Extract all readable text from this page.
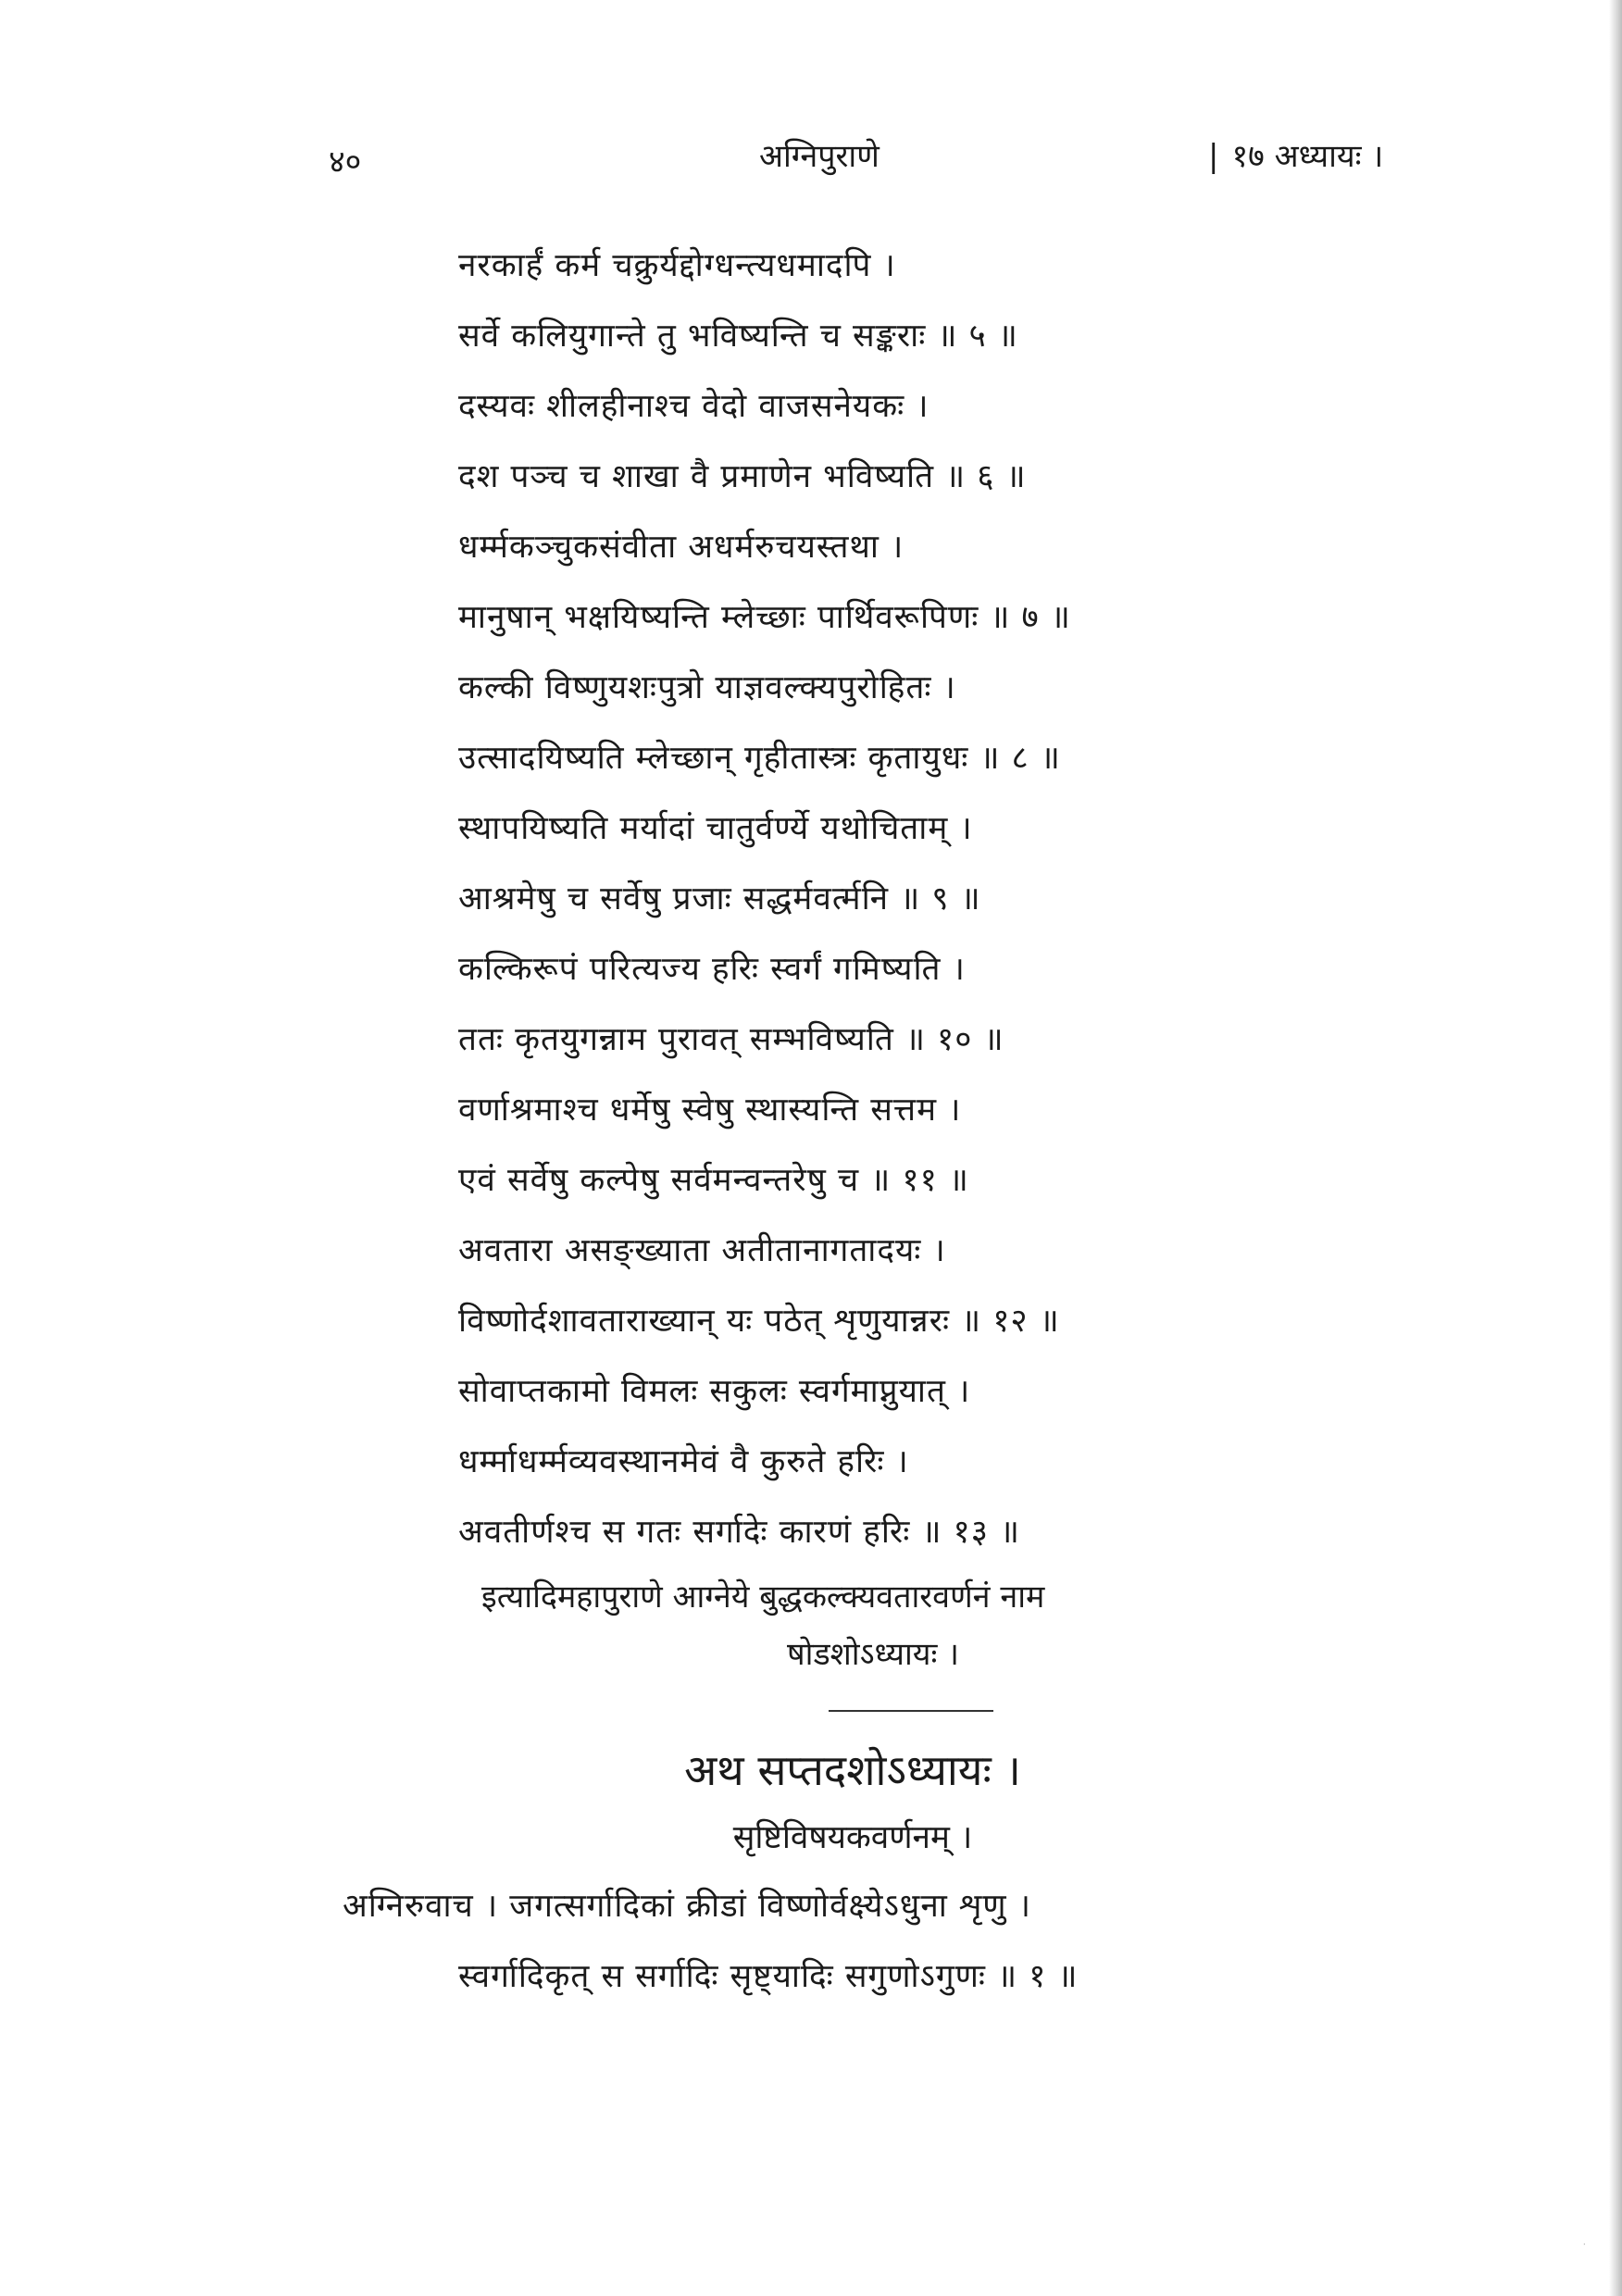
४०	अग्निपुराणे	| १७ अध्यायः ।
नरकार्हं कर्म चक्रुर्यद्दोग्धन्त्यधमादपि ।
सर्वे कलियुगान्ते तु भविष्यन्ति च सङ्कराः ॥ ५ ॥
दस्यवः शीलहीनाश्च वेदो वाजसनेयकः ।
दश पञ्च च शाखा वै प्रमाणेन भविष्यति ॥ ६ ॥
धर्म्मकञ्चुकसंवीता अधर्मरुचयस्तथा ।
मानुषान् भक्षयिष्यन्ति म्लेच्छाः पार्थिवरूपिणः ॥ ७ ॥
कल्की विष्णुयशःपुत्रो याज्ञवल्क्यपुरोहितः ।
उत्सादयिष्यति म्लेच्छान् गृहीतास्त्रः कृतायुधः ॥ ८ ॥
स्थापयिष्यति मर्यादां चातुर्वर्ण्ये यथोचिताम् ।
आश्रमेषु च सर्वेषु प्रजाः सद्धर्मवर्त्मनि ॥ ९ ॥
कल्किरूपं परित्यज्य हरिः स्वर्गं गमिष्यति ।
ततः कृतयुगन्नाम पुरावत् सम्भविष्यति ॥ १० ॥
वर्णाश्रमाश्च धर्मेषु स्वेषु स्थास्यन्ति सत्तम ।
एवं सर्वेषु कल्पेषु सर्वमन्वन्तरेषु च ॥ ११ ॥
अवतारा असङ्ख्याता अतीतानागतादयः ।
विष्णोर्दशावताराख्यान् यः पठेत् शृणुयान्नरः ॥ १२ ॥
सोवाप्तकामो विमलः सकुलः स्वर्गमाप्नुयात् ।
धर्म्माधर्म्मव्यवस्थानमेवं वै कुरुते हरिः ।
अवतीर्णश्च स गतः सर्गादेः कारणं हरिः ॥ १३ ॥
इत्यादिमहापुराणे आग्नेये बुद्धकल्क्यवतारवर्णनं नाम
षोडशोऽध्यायः ।
अथ सप्तदशोऽध्यायः ।
सृष्टिविषयकवर्णनम् ।
अग्निरुवाच । जगत्सर्गादिकां क्रीडां विष्णोर्वक्ष्येऽधुना शृणु ।
स्वर्गादिकृत् स सर्गादिः सृष्ट्यादिः सगुणोऽगुणः ॥ १ ॥
·
